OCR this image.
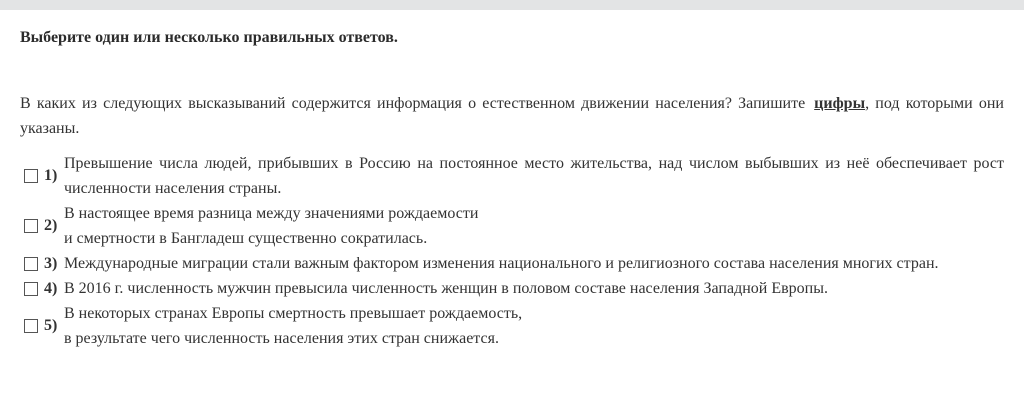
Выберите один или несколько правильных ответов.

В каких из следующих высказываний содержится информация о естественном движении населения? Запишите цифры, под которыми они указаны.

1)
Превышение числа людей, прибывших в Россию на постоянное место жительства, над числом выбывших из неё обеспечивает рост численности населения страны.
2)
В настоящее время разница между значениями рождаемости
и смертности в Бангладеш существенно сократилась.
3) Международные миграции стали важным фактором изменения национального и религиозного состава населения многих стран.
4) В 2016 г. численность мужчин превысила численность женщин в половом составе населения Западной Европы.
5)
В некоторых странах Европы смертность превышает рождаемость,
в результате чего численность населения этих стран снижается.
